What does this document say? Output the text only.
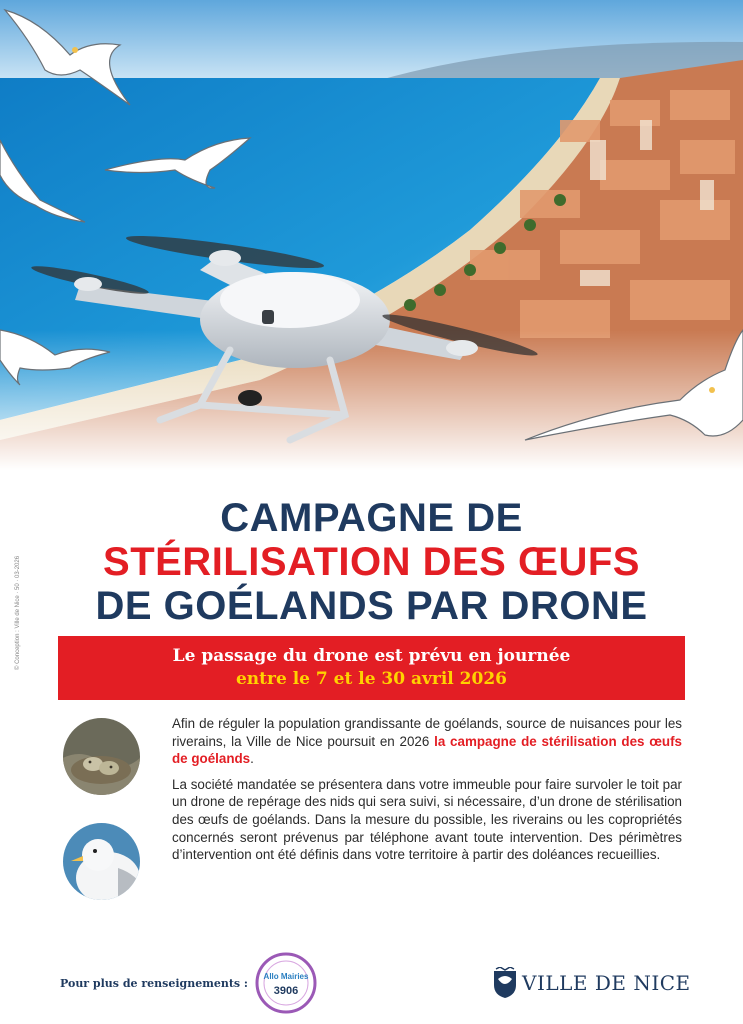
© Conception : Ville de Nice · 50 · 03-2026
CAMPAGNE DE
STÉRILISATION DES ŒUFS
DE GOÉLANDS PAR DRONE
Le passage du drone est prévu en journée
entre le 7 et le 30 avril 2026

Afin de réguler la population grandissante de goélands, source de nuisances pour les riverains, la Ville de Nice poursuit en 2026 la campagne de stérilisation des œufs de goélands.

La société mandatée se présentera dans votre immeuble pour faire survoler le toit par un drone de repérage des nids qui sera suivi, si nécessaire, d’un drone de stérilisation des œufs de goélands. Dans la mesure du possible, les riverains ou les copropriétés concernés seront prévenus par téléphone avant toute intervention. Des périmètres d’intervention ont été définis dans votre territoire à partir des doléances recueillies.

Pour plus de renseignements :
Allo Mairies
3906	VILLE DE NICE
